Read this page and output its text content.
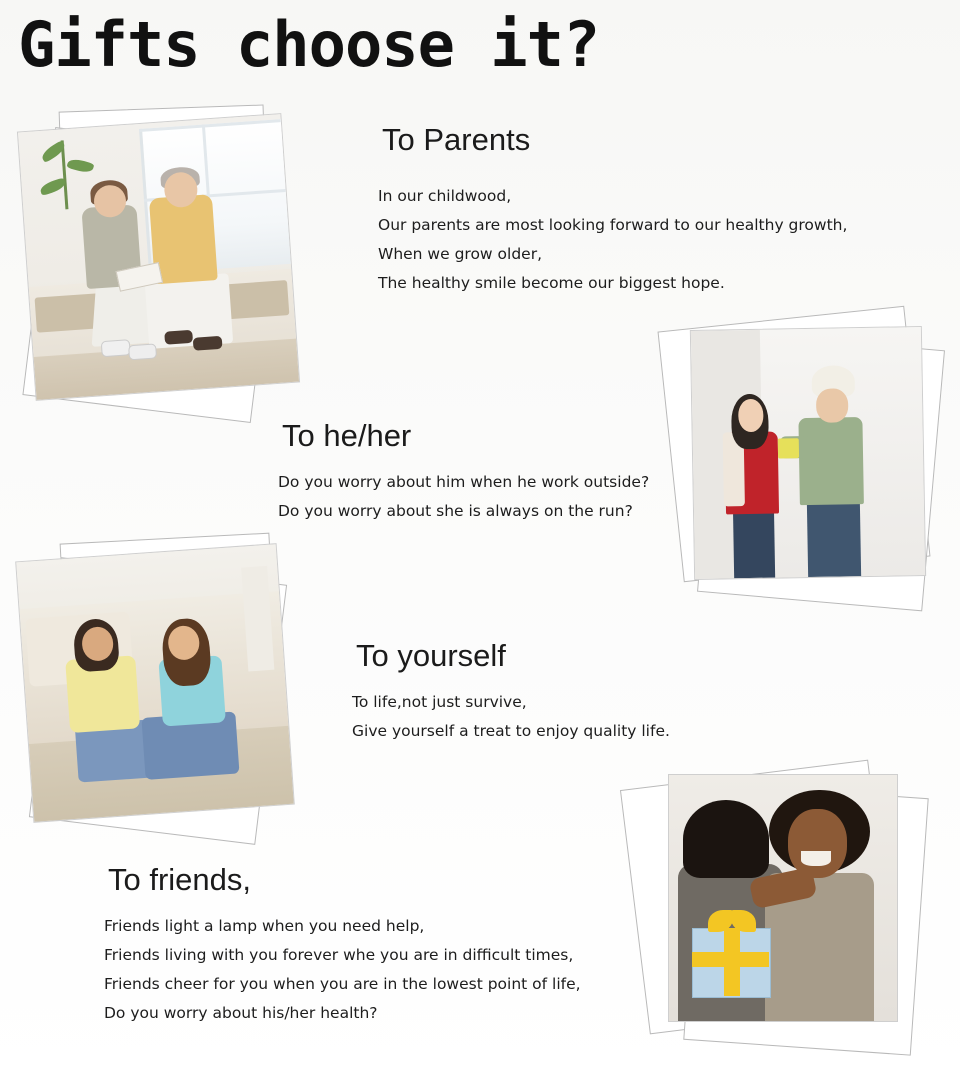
Gifts choose it?
To Parents
In our childwood,
Our parents are most looking forward to our healthy growth,
When we grow older,
The healthy smile become our biggest hope.
To he/her
Do you worry about him when he work outside?
Do you worry about she is always on the run?
To yourself
To life,not just survive,
Give yourself a treat to enjoy quality life.
To friends,
Friends light a lamp when you need help,
Friends living with you forever whe you are in difficult times,
Friends cheer for you when you are in the lowest point of life,
Do you worry about his/her health?
